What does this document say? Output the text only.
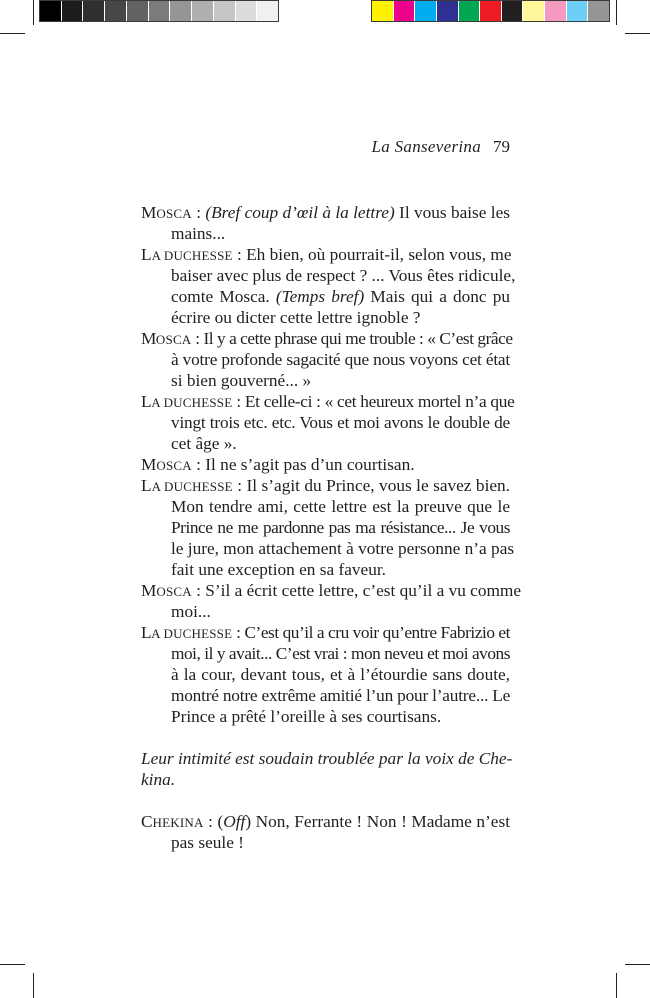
La Sanseverina 79
MOSCA : (Bref coup d’œil à la lettre) Il vous baise les
mains...
LA DUCHESSE : Eh bien, où pourrait-il, selon vous, me
baiser avec plus de respect ? ... Vous êtes ridicule,
comte Mosca. (Temps bref) Mais qui a donc pu
écrire ou dicter cette lettre ignoble ?
MOSCA : Il y a cette phrase qui me trouble : « C’est grâce
à votre profonde sagacité que nous voyons cet état
si bien gouverné... »
LA DUCHESSE : Et celle-ci : « cet heureux mortel n’a que
vingt trois etc. etc. Vous et moi avons le double de
cet âge ».
MOSCA : Il ne s’agit pas d’un courtisan.
LA DUCHESSE : Il s’agit du Prince, vous le savez bien.
Mon tendre ami, cette lettre est la preuve que le
Prince ne me pardonne pas ma résistance... Je vous
le jure, mon attachement à votre personne n’a pas
fait une exception en sa faveur.
MOSCA : S’il a écrit cette lettre, c’est qu’il a vu comme
moi...
LA DUCHESSE : C’est qu’il a cru voir qu’entre Fabrizio et
moi, il y avait... C’est vrai : mon neveu et moi avons
à la cour, devant tous, et à l’étourdie sans doute,
montré notre extrême amitié l’un pour l’autre... Le
Prince a prêté l’oreille à ses courtisans.
Leur intimité est soudain troublée par la voix de Che-
kina.
CHEKINA : (Off) Non, Ferrante ! Non ! Madame n’est
pas seule !
